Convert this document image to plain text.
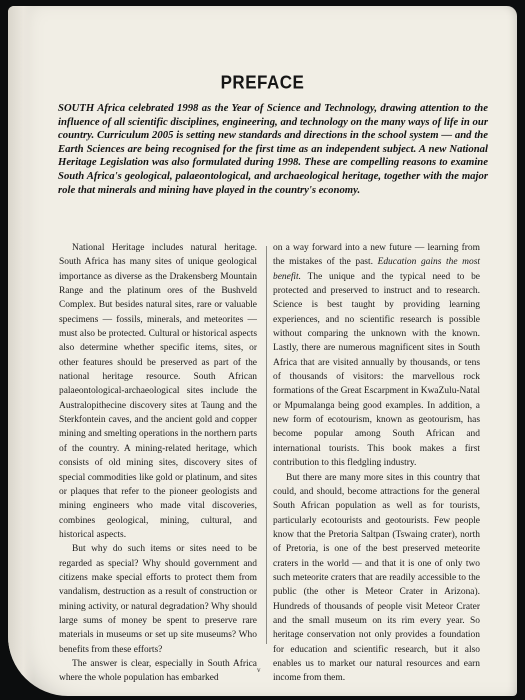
PREFACE

SOUTH Africa celebrated 1998 as the Year of Science and Technology, drawing attention to the influence of all scientific disciplines, engineering, and technology on the many ways of life in our country. Curriculum 2005 is setting new standards and directions in the school system — and the Earth Sciences are being recognised for the first time as an independent subject. A new National Heritage Legislation was also formulated during 1998. These are compelling reasons to examine South Africa's geological, palaeontological, and archaeological heritage, together with the major role that minerals and mining have played in the country's economy.

National Heritage includes natural heritage. South Africa has many sites of unique geological importance as diverse as the Drakensberg Mountain Range and the platinum ores of the Bushveld Complex. But besides natural sites, rare or valuable specimens — fossils, minerals, and meteorites — must also be protected. Cultural or historical aspects also determine whether specific items, sites, or other features should be preserved as part of the national heritage resource. South African palaeontological-archaeological sites include the Australopithecine discovery sites at Taung and the Sterkfontein caves, and the ancient gold and copper mining and smelting operations in the northern parts of the country. A mining-related heritage, which consists of old mining sites, discovery sites of special commodities like gold or platinum, and sites or plaques that refer to the pioneer geologists and mining engineers who made vital discoveries, combines geological, mining, cultural, and historical aspects.

But why do such items or sites need to be regarded as special? Why should government and citizens make special efforts to protect them from vandalism, destruction as a result of construction or mining activity, or natural degradation? Why should large sums of money be spent to preserve rare materials in museums or set up site museums? Who benefits from these efforts?

The answer is clear, especially in South Africa where the whole population has embarked

on a way forward into a new future — learning from the mistakes of the past. Education gains the most benefit. The unique and the typical need to be protected and preserved to instruct and to research. Science is best taught by providing learning experiences, and no scientific research is possible without comparing the unknown with the known. Lastly, there are numerous magnificent sites in South Africa that are visited annually by thousands, or tens of thousands of visitors: the marvellous rock formations of the Great Escarpment in KwaZulu-Natal or Mpumalanga being good examples. In addition, a new form of ecotourism, known as geotourism, has become popular among South African and international tourists. This book makes a first contribution to this fledgling industry.

But there are many more sites in this country that could, and should, become attractions for the general South African population as well as for tourists, particularly ecotourists and geotourists. Few people know that the Pretoria Saltpan (Tswaing crater), north of Pretoria, is one of the best preserved meteorite craters in the world — and that it is one of only two such meteorite craters that are readily accessible to the public (the other is Meteor Crater in Arizona). Hundreds of thousands of people visit Meteor Crater and the small museum on its rim every year. So heritage conservation not only provides a foundation for education and scientific research, but it also enables us to market our natural resources and earn income from them.

v
